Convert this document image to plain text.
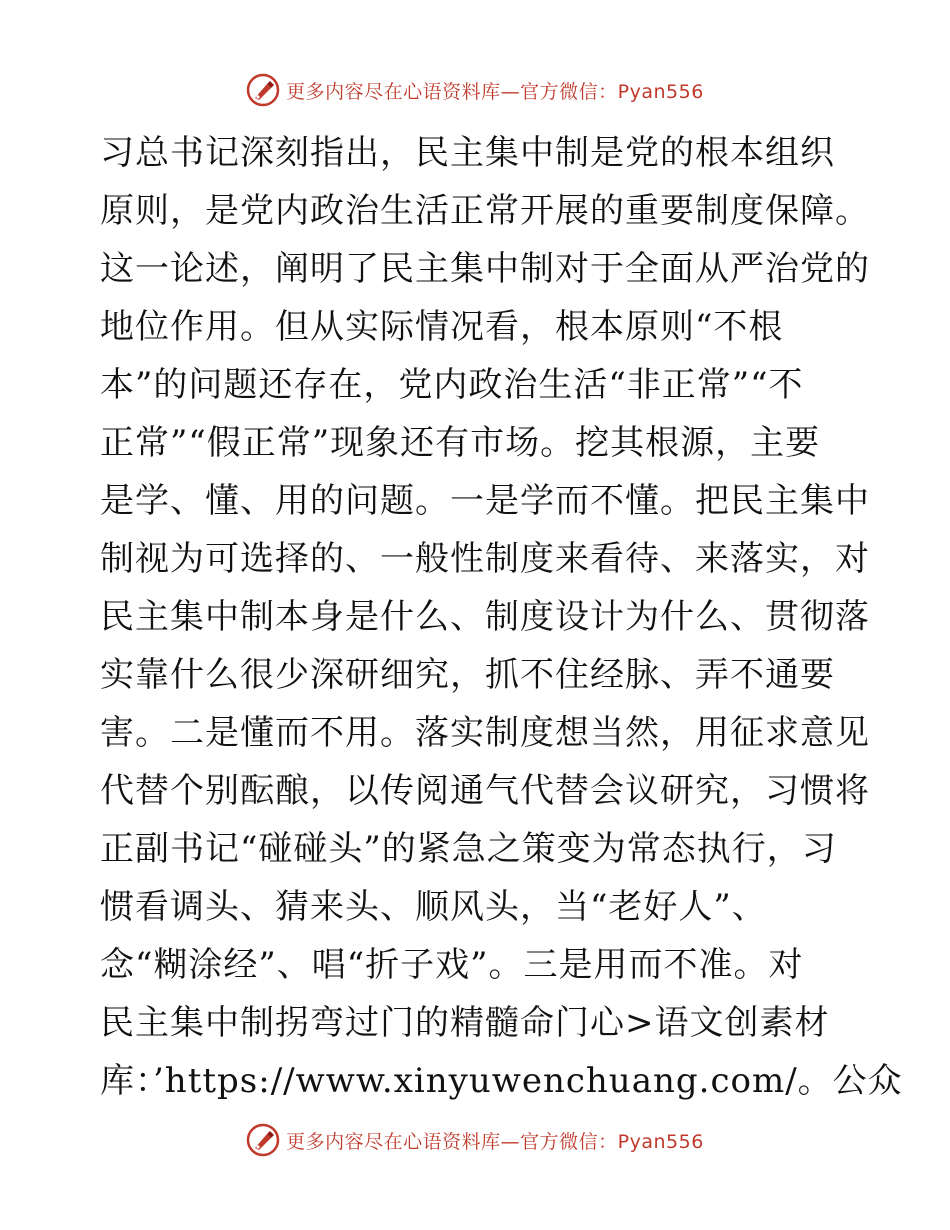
更多内容尽在心语资料库—官方微信：Pyan556
习总书记深刻指出，民主集中制是党的根本组织
原则，是党内政治生活正常开展的重要制度保障。
这一论述，阐明了民主集中制对于全面从严治党的
地位作用。但从实际情况看，根本原则“不根
本”的问题还存在，党内政治生活“非正常”“不
正常”“假正常”现象还有市场。挖其根源，主要
是学、懂、用的问题。一是学而不懂。把民主集中
制视为可选择的、一般性制度来看待、来落实，对
民主集中制本身是什么、制度设计为什么、贯彻落
实靠什么很少深研细究，抓不住经脉、弄不通要
害。二是懂而不用。落实制度想当然，用征求意见
代替个别酝酿，以传阅通气代替会议研究，习惯将
正副书记“碰碰头”的紧急之策变为常态执行，习
惯看调头、猜来头、顺风头，当“老好人”、
念“糊涂经”、唱“折子戏”。三是用而不准。对
民主集中制拐弯过门的精髓命门心>语文创素材
库：’https://www.xinyuwenchuang.com/。公众
更多内容尽在心语资料库—官方微信：Pyan556
